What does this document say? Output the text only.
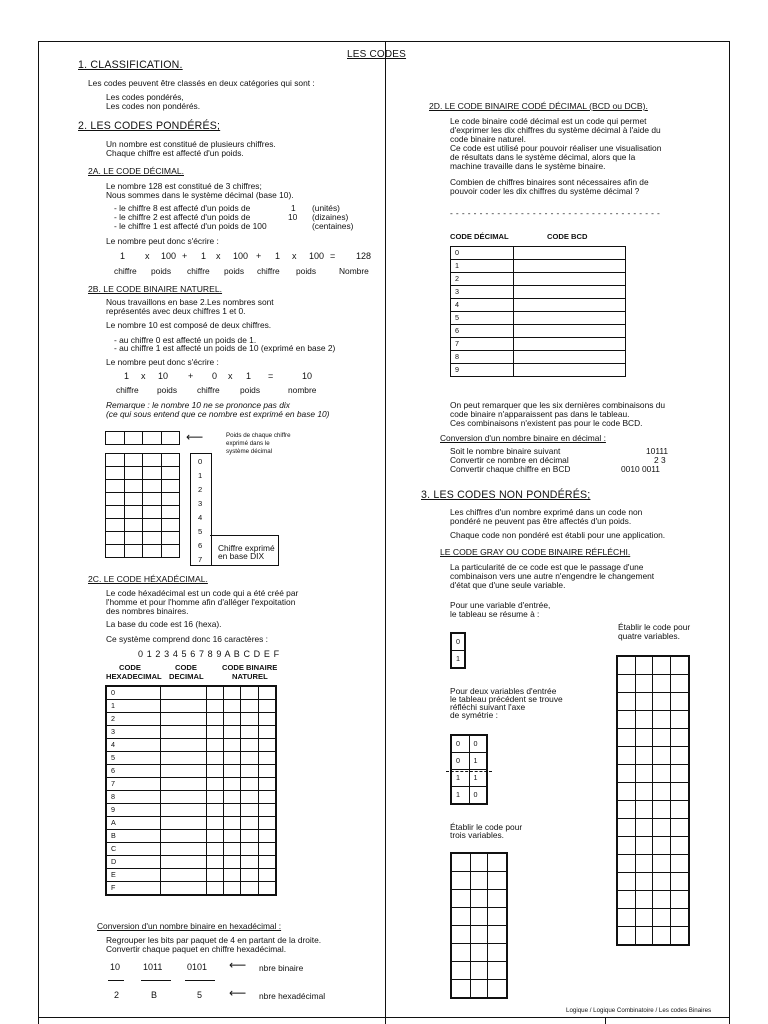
LES CODES
1. CLASSIFICATION.
Les codes peuvent être classés en deux catégories qui sont :
Les codes pondérés,
Les codes non pondérés.
2. LES CODES PONDÉRÉS;
Un nombre est constitué de plusieurs chiffres.
Chaque chiffre est affecté d'un poids.
2A. LE CODE DÉCIMAL.
Le nombre 128 est constitué de 3 chiffres;
Nous sommes dans le système décimal (base 10).
- le chiffre 8 est affecté d'un poids de	1 (unités)
- le chiffre 2 est affecté d'un poids de	10 (dizaines)
- le chiffre 1 est affecté d'un poids de 100	(centaines)
Le nombre peut donc s'écrire :
2B. LE CODE BINAIRE NATUREL.
Nous travaillons en base 2.Les nombres sont
représentés avec deux chiffres 1 et 0.
Le nombre 10 est composé de deux chiffres.
- au chiffre 0 est affecté un poids de 1.
- au chiffre 1 est affecté un poids de 10 (exprimé en base 2)
Le nombre peut donc s'écrire :
Remarque : le nombre 10 ne se prononce pas dix
(ce qui sous entend que ce nombre est exprimé en base 10)

⟵	Poids de chaque chiffre
exprimé dans le
système décimal

Chiffre exprimé
en base DIX
2C. LE CODE HÉXADÉCIMAL.
Le code héxadécimal est un code qui a été créé par
l'homme et pour l'homme afin d'alléger l'expoitation
des nombres binaires.
La base du code est 16 (hexa).
Ce système comprend donc 16 caractères :
0 1 2 3 4 5 6 7 8 9 A B C D E F
CODE
HEXADECIMAL
CODE
DECIMAL
CODE BINAIRE
NATUREL
0					
1					
2					
3					
4					
5					
6					
7					
8					
9					
A					
B					
C					
D					
E					
F					
Conversion d'un nombre binaire en hexadécimal :
Regrouper les bits par paquet de 4 en partant de la droite.
Convertir chaque paquet en chiffre hexadécimal.
10	1011	0101 ⟵ nbre binaire
2	B	5 ⟵ nbre hexadécimal
2D. LE CODE BINAIRE CODÉ DÉCIMAL (BCD ou DCB).
Combien de chiffres binaires sont nécessaires afin de
pouvoir coder les dix chiffres du système décimal ?
- - - - - - - - - - - - - - - - - - - - - - - - - - - - - - - - - - - -
CODE DÉCIMAL	CODE BCD
0	
1	
2	
3	
4	
5	
6	
7	
8	
9	
Conversion d'un nombre binaire en décimal :
3. LES CODES NON PONDÉRÉS;
Les chiffres d'un nombre exprimé dans un code non
pondéré ne peuvent pas être affectés d'un poids.
Chaque code non pondéré est établi pour une application.
LE CODE GRAY OU CODE BINAIRE RÉFLÉCHI.
La particularité de ce code est que le passage d'une
combinaison vers une autre n'engendre le changement
d'état que d'une seule variable.
Pour une variable d'entrée,
le tableau se résume à :
0
1
Établir le code pour
quatre variables.

Pour deux variables d'entrée
le tableau précédent se trouve
réfléchi suivant l'axe
de symétrie :
0	0
0	1
1	1
1	0
Établir le code pour
trois variables.

Logique / Logique Combinatoire / Les codes Binaires
1 x 100 + 1 x 100 + 1 x 100 = 128
chiffre poids chiffre poids chiffre poids	Nombre
1 x 10 + 0 x 1 =	10
chiffre poids chiffre poids	nombre
0
1
2
3
4
5
6
7
Le code binaire codé décimal est un code qui permet
d'exprimer les dix chiffres du système décimal à l'aide du
code binaire naturel.
Ce code est utilisé pour pouvoir réaliser une visualisation
de résultats dans le système décimal, alors que la
machine travaille dans le système binaire.
On peut remarquer que les six dernières combinaisons du
code binaire n'apparaissent pas dans le tableau.
Ces combinaisons n'existent pas pour le code BCD.
Soit le nombre binaire suivant	10111
Convertir ce nombre en décimal	2 3
Convertir chaque chiffre en BCD	0010 0011
